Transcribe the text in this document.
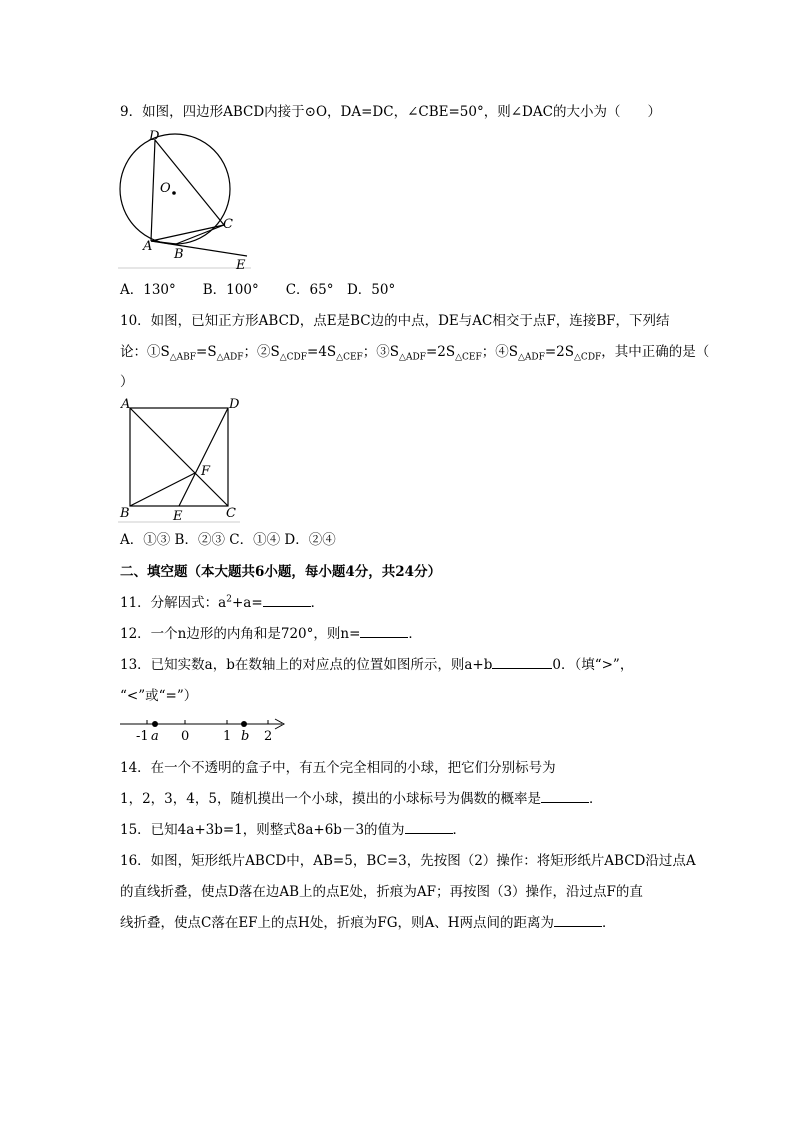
9．如图，四边形ABCD内接于⊙O，DA=DC，∠CBE=50°，则∠DAC的大小为（　　）
D
O
C
A
B
E
A．130°　　B．100°　　C．65°　D．50°
10．如图，已知正方形ABCD，点E是BC边的中点，DE与AC相交于点F，连接BF，下列结
论：$①S_{\triangle ABF}=S_{\triangle ADF}$；$②S_{\triangle CDF}=4S_{\triangle CEF}$；$③S_{\triangle ADF}=2S_{\triangle CEF}$；$④S_{\triangle ADF}=2S_{\triangle CDF}$，其中正确的是（
）
A	D
F
B	E	C
A．①③ B．②③ C．①④ D．②④
二、填空题（本大题共6小题，每小题4分，共24分）
11．分解因式：$a^2+a=$	．
12．一个n边形的内角和是720°，则n=	．
13．已知实数a，b在数轴上的对应点的位置如图所示，则a+b	0．（填“>”，
“<”或“=”）
-1 a 0	1 b 2
14．在一个不透明的盒子中，有五个完全相同的小球，把它们分别标号为
1，2，3，4，5，随机摸出一个小球，摸出的小球标号为偶数的概率是	．
15．已知4a+3b=1，则整式8a+6b－3的值为	．
16．如图，矩形纸片ABCD中，AB=5，BC=3，先按图（2）操作：将矩形纸片ABCD沿过点A
的直线折叠，使点D落在边AB上的点E处，折痕为AF；再按图（3）操作，沿过点F的直
线折叠，使点C落在EF上的点H处，折痕为FG，则A、H两点间的距离为	．
